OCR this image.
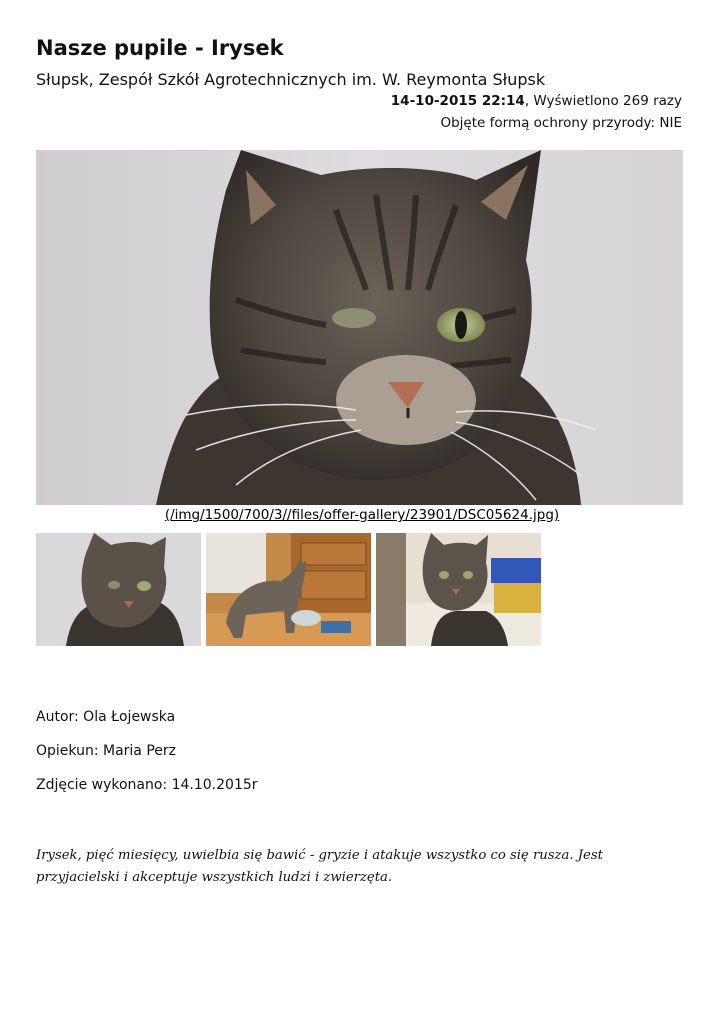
Nasze pupile - Irysek
Słupsk, Zespół Szkół Agrotechnicznych im. W. Reymonta Słupsk
14-10-2015 22:14, Wyświetlono 269 razy
Objęte formą ochrony przyrody: NIE
(/img/1500/700/3//files/offer-gallery/23901/DSC05624.jpg)
Autor: Ola Łojewska
Opiekun: Maria Perz
Zdjęcie wykonano: 14.10.2015r
Irysek, pięć miesięcy, uwielbia się bawić - gryzie i atakuje wszystko co się rusza. Jest przyjacielski i akceptuje wszystkich ludzi i zwierzęta.
